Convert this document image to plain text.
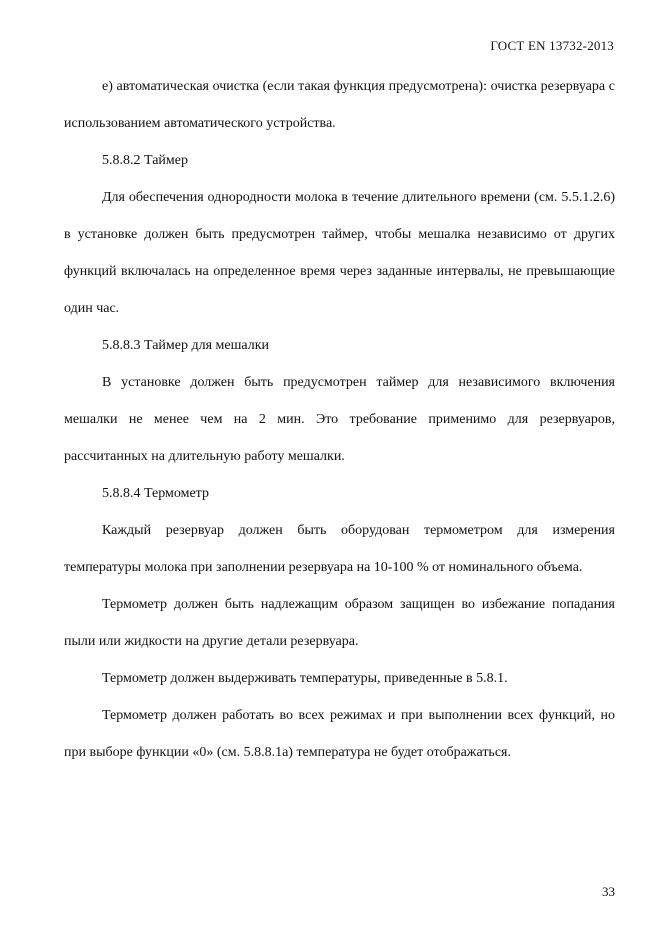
ГОСТ EN 13732-2013

е) автоматическая очистка (если такая функция предусмотрена): очистка резервуара с использованием автоматического устройства.

5.8.8.2 Таймер

Для обеспечения однородности молока в течение длительного времени (см. 5.5.1.2.6) в установке должен быть предусмотрен таймер, чтобы мешалка независимо от других функций включалась на определенное время через заданные интервалы, не превышающие один час.

5.8.8.3 Таймер для мешалки

В установке должен быть предусмотрен таймер для независимого включения мешалки не менее чем на 2 мин. Это требование применимо для резервуаров, рассчитанных на длительную работу мешалки.

5.8.8.4 Термометр

Каждый резервуар должен быть оборудован термометром для измерения температуры молока при заполнении резервуара на 10-100 % от номинального объема.

Термометр должен быть надлежащим образом защищен во избежание попадания пыли или жидкости на другие детали резервуара.

Термометр должен выдерживать температуры, приведенные в 5.8.1.

Термометр должен работать во всех режимах и при выполнении всех функций, но при выборе функции «0» (см. 5.8.8.1а) температура не будет отображаться.

33
